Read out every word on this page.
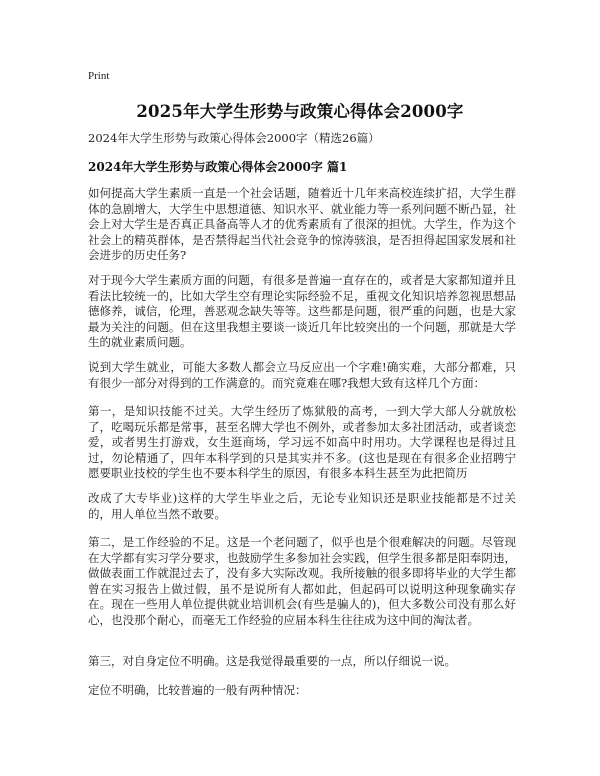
Print
2025年大学生形势与政策心得体会2000字
2024年大学生形势与政策心得体会2000字（精选26篇）
2024年大学生形势与政策心得体会2000字 篇1
如何提高大学生素质一直是一个社会话题，随着近十几年来高校连续扩招，大学生群体的急剧增大，大学生中思想道德、知识水平、就业能力等一系列问题不断凸显，社会上对大学生是否真正具备高等人才的优秀素质有了很深的担忧。大学生，作为这个社会上的精英群体，是否禁得起当代社会竞争的惊涛骇浪，是否担得起国家发展和社会进步的历史任务?
对于现今大学生素质方面的问题，有很多是普遍一直存在的，或者是大家都知道并且看法比较统一的，比如大学生空有理论实际经验不足，重视文化知识培养忽视思想品德修养，诚信，伦理，善恶观念缺失等等。这些都是问题，很严重的问题，也是大家最为关注的问题。但在这里我想主要谈一谈近几年比较突出的一个问题，那就是大学生的就业素质问题。
说到大学生就业，可能大多数人都会立马反应出一个字难!确实难，大部分都难，只有很少一部分对得到的工作满意的。而究竟难在哪?我想大致有这样几个方面：
第一，是知识技能不过关。大学生经历了炼狱般的高考，一到大学大部人分就放松了，吃喝玩乐都是常事，甚至名牌大学也不例外，或者参加太多社团活动，或者谈恋爱，或者男生打游戏，女生逛商场，学习远不如高中时用功。大学课程也是得过且过，勿论精通了，四年本科学到的只是其实并不多。(这也是现在有很多企业招聘宁愿要职业技校的学生也不要本科学生的原因，有很多本科生甚至为此把简历
改成了大专毕业)这样的大学生毕业之后，无论专业知识还是职业技能都是不过关的，用人单位当然不敢要。
第二，是工作经验的不足。这是一个老问题了，似乎也是个很难解决的问题。尽管现在大学都有实习学分要求，也鼓励学生多参加社会实践，但学生很多都是阳奉阴违，做做表面工作就混过去了，没有多大实际改观。我所接触的很多即将毕业的大学生都曾在实习报告上做过假，虽不是说所有人都如此，但起码可以说明这种现象确实存在。现在一些用人单位提供就业培训机会(有些是骗人的)，但大多数公司没有那么好心，也没那个耐心，而毫无工作经验的应届本科生往往成为这中间的淘汰者。
第三，对自身定位不明确。这是我觉得最重要的一点，所以仔细说一说。
定位不明确，比较普遍的一般有两种情况：
